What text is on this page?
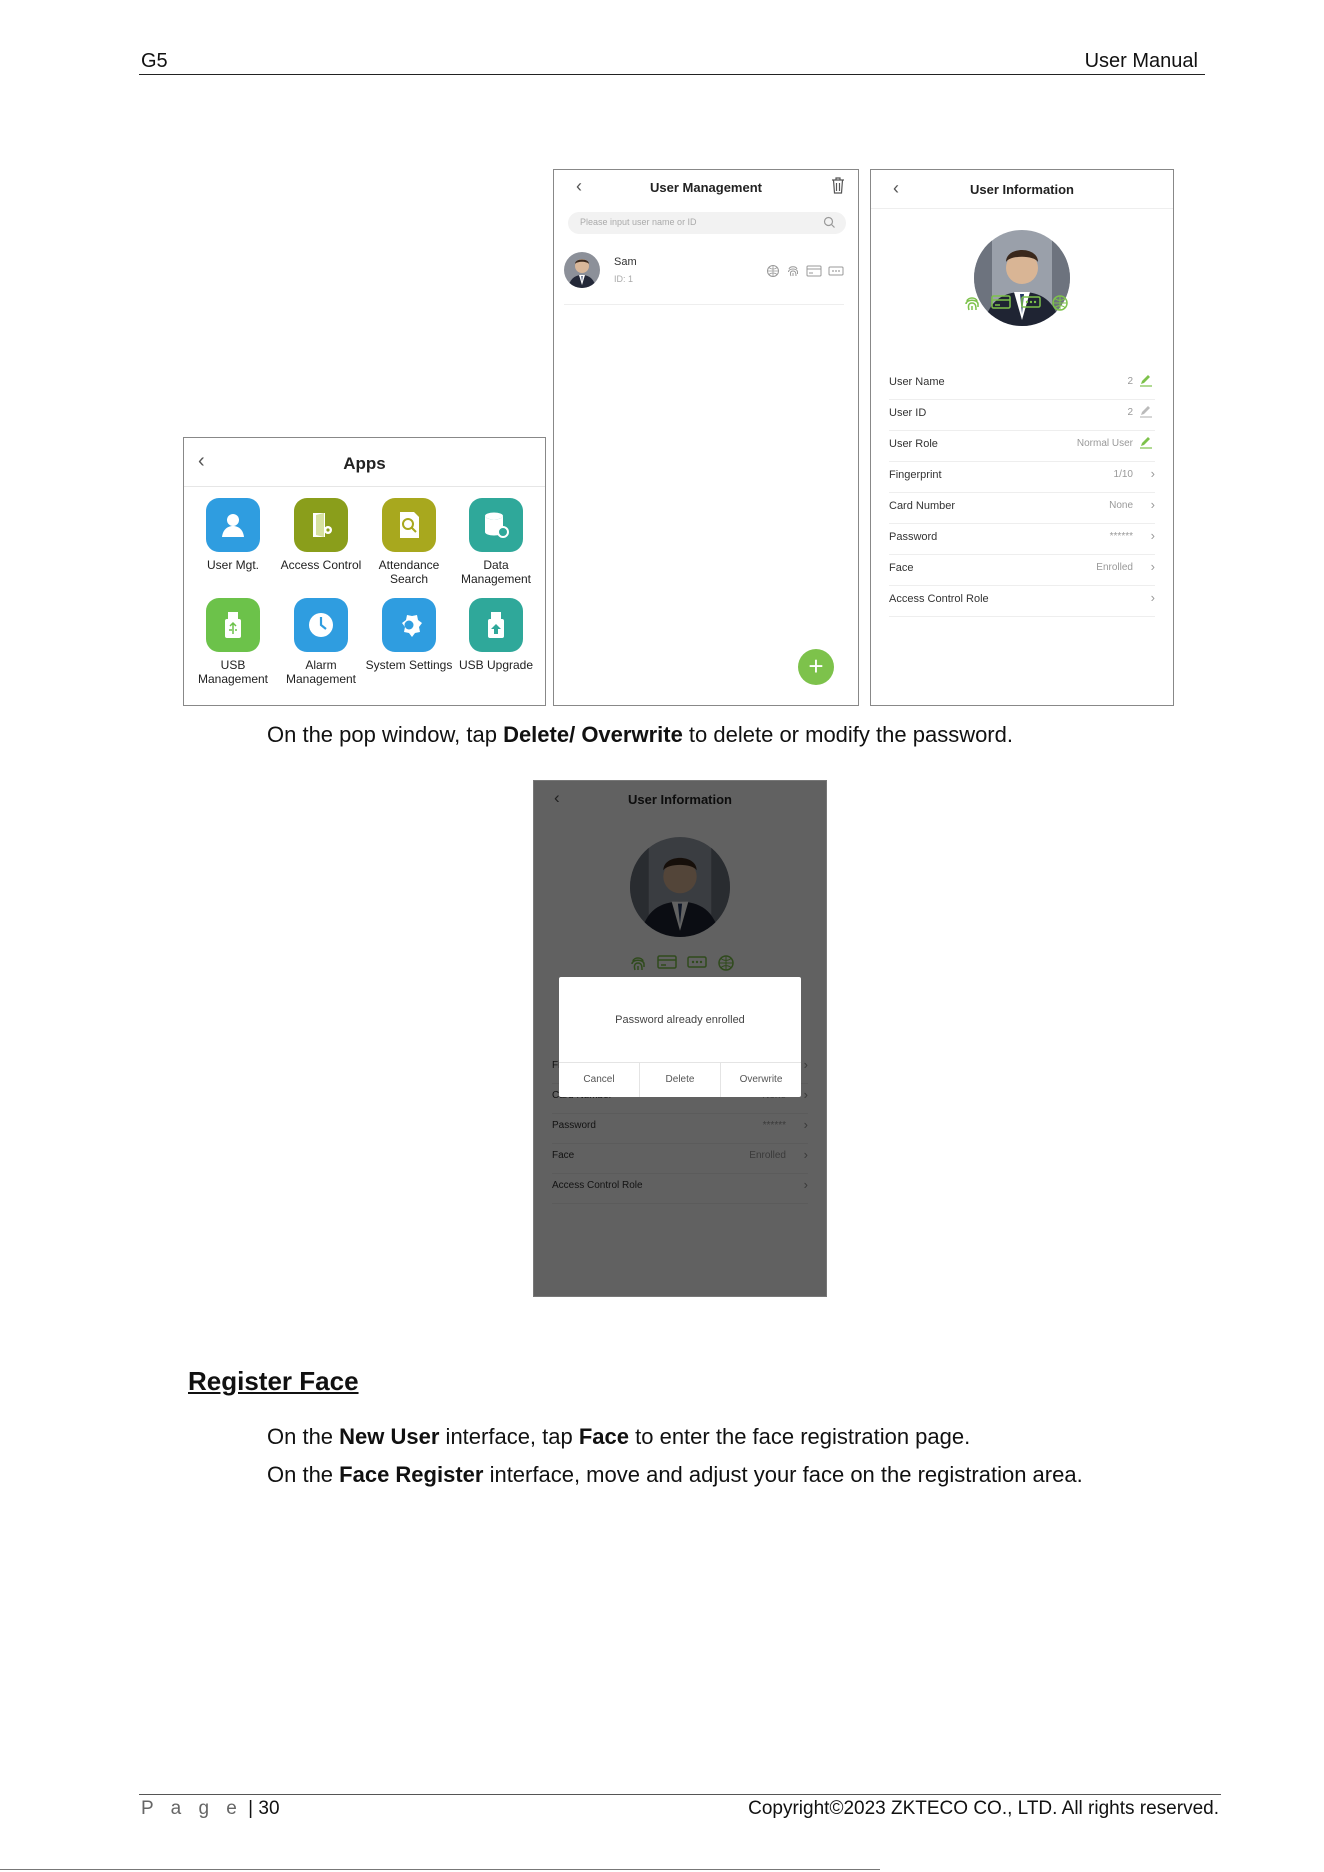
G5	User Manual
‹	Apps
User Mgt.	Access Control	Attendance Search
Data Management
USB Management
Alarm Management
System Settings USB Upgrade
‹	User Management
Please input user name or ID
Sam
ID: 1
+
‹	User Information
User Name	2
User ID	2
User Role	Normal User
Fingerprint	1/10 ›
Card Number	None ›
Password	****** ›
Face	Enrolled ›
Access Control Role	›
On the pop window, tap Delete/ Overwrite to delete or modify the password.
Password already enrolled
Cancel	Delete	Overwrite
Register Face
On the New User interface, tap Face to enter the face registration page.
On the Face Register interface, move and adjust your face on the registration area.
P a g e | 30	Copyright©2023 ZKTECO CO., LTD. All rights reserved.
